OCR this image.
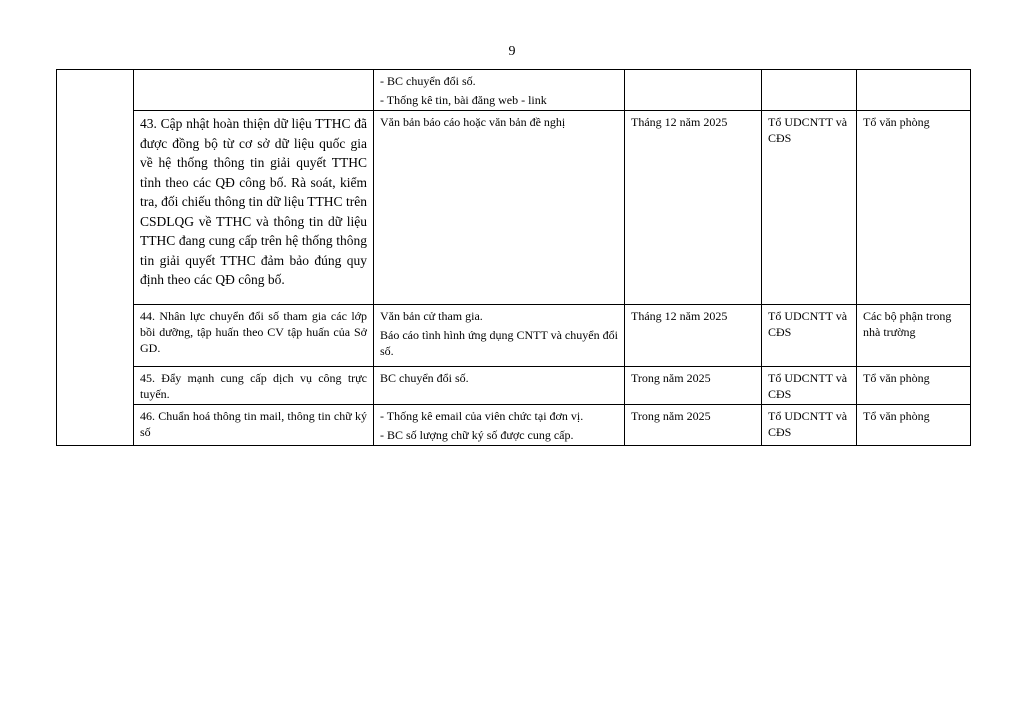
9

		- BC chuyển đổi số.
- Thống kê tin, bài đăng web - link			

	43. Cập nhật hoàn thiện dữ liệu TTHC đã được đồng bộ từ cơ sở dữ liệu quốc gia về hệ thống thông tin giải quyết TTHC tỉnh theo các QĐ công bố. Rà soát, kiểm tra, đối chiếu thông tin dữ liệu TTHC trên CSDLQG về TTHC và thông tin dữ liệu TTHC đang cung cấp trên hệ thống thông tin giải quyết TTHC đảm bảo đúng quy định theo các QĐ công bố.	Văn bản báo cáo hoặc văn bản đề nghị	Tháng 12 năm 2025	Tổ UDCNTT và CĐS	Tổ văn phòng
	44. Nhân lực chuyển đổi số tham gia các lớp bồi dưỡng, tập huấn theo CV tập huấn của Sở GD.	Văn bản cử tham gia.
Báo cáo tình hình ứng dụng CNTT và chuyển đổi số.	Tháng 12 năm 2025	Tổ UDCNTT và CĐS	Các bộ phận trong nhà trường
	45. Đẩy mạnh cung cấp dịch vụ công trực tuyến.	BC chuyển đổi số.	Trong năm 2025	Tổ UDCNTT và CĐS	Tổ văn phòng
	46. Chuẩn hoá thông tin mail, thông tin chữ ký số	- Thống kê email của viên chức tại đơn vị.
- BC số lượng chữ ký số được cung cấp.	Trong năm 2025	Tổ UDCNTT và CĐS	Tổ văn phòng
